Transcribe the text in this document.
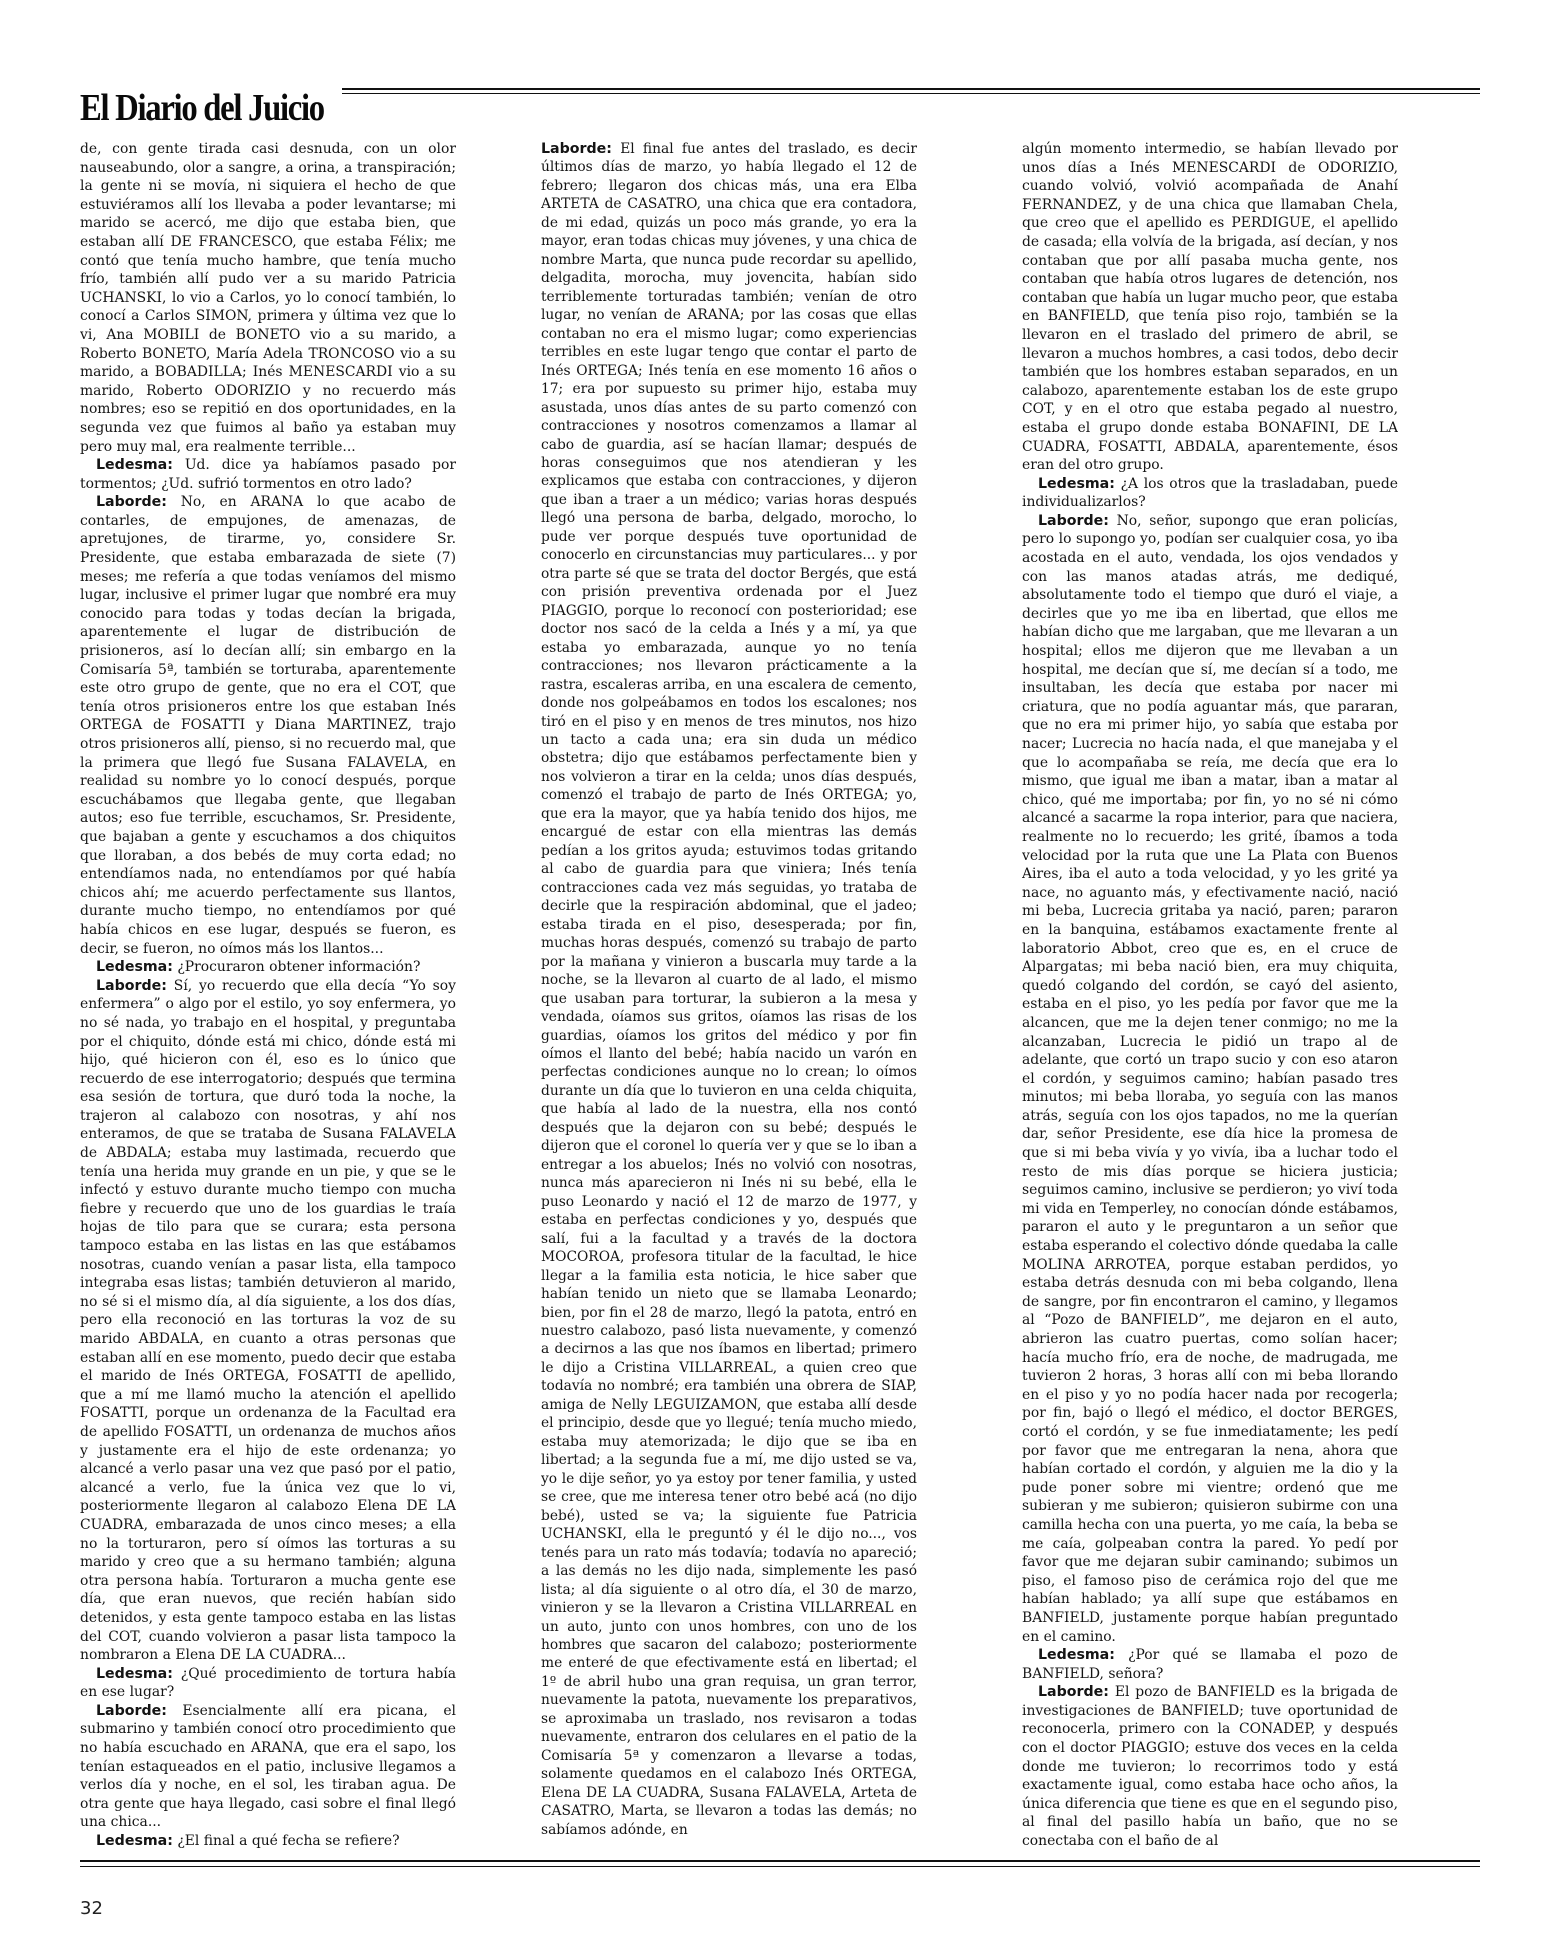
El Diario del Juicio

de, con gente tirada casi desnuda, con un olor nauseabundo, olor a sangre, a orina, a transpiración; la gente ni se movía, ni siquiera el hecho de que estuviéramos allí los llevaba a poder levantarse; mi marido se acercó, me dijo que estaba bien, que estaban allí DE FRANCESCO, que estaba Félix; me contó que tenía mucho hambre, que tenía mucho frío, también allí pudo ver a su marido Patricia UCHANSKI, lo vio a Carlos, yo lo conocí también, lo conocí a Carlos SIMON, primera y última vez que lo vi, Ana MOBILI de BONETO vio a su marido, a Roberto BONETO, María Adela TRONCOSO vio a su marido, a BOBADILLA; Inés MENESCARDI vio a su marido, Roberto ODORIZIO y no recuerdo más nombres; eso se repitió en dos oportunidades, en la segunda vez que fuimos al baño ya estaban muy pero muy mal, era realmente terrible...

Ledesma: Ud. dice ya habíamos pasado por tormentos; ¿Ud. sufrió tormentos en otro lado?

Laborde: No, en ARANA lo que acabo de contarles, de empujones, de amenazas, de apretujones, de tirarme, yo, considere Sr. Presidente, que estaba embarazada de siete (7) meses; me refería a que todas veníamos del mismo lugar, inclusive el primer lugar que nombré era muy conocido para todas y todas decían la brigada, aparentemente el lugar de distribución de prisioneros, así lo decían allí; sin embargo en la Comisaría 5ª, también se torturaba, aparentemente este otro grupo de gente, que no era el COT, que tenía otros prisioneros entre los que estaban Inés ORTEGA de FOSATTI y Diana MARTINEZ, trajo otros prisioneros allí, pienso, si no recuerdo mal, que la primera que llegó fue Susana FALAVELA, en realidad su nombre yo lo conocí después, porque escuchábamos que llegaba gente, que llegaban autos; eso fue terrible, escuchamos, Sr. Presidente, que bajaban a gente y escuchamos a dos chiquitos que lloraban, a dos bebés de muy corta edad; no entendíamos nada, no entendíamos por qué había chicos ahí; me acuerdo perfectamente sus llantos, durante mucho tiempo, no entendíamos por qué había chicos en ese lugar, después se fueron, es decir, se fueron, no oímos más los llantos...

Ledesma: ¿Procuraron obtener información?

Laborde: Sí, yo recuerdo que ella decía “Yo soy enfermera” o algo por el estilo, yo soy enfermera, yo no sé nada, yo trabajo en el hospital, y preguntaba por el chiquito, dónde está mi chico, dónde está mi hijo, qué hicieron con él, eso es lo único que recuerdo de ese interrogatorio; después que termina esa sesión de tortura, que duró toda la noche, la trajeron al calabozo con nosotras, y ahí nos enteramos, de que se trataba de Susana FALAVELA de ABDALA; estaba muy lastimada, recuerdo que tenía una herida muy grande en un pie, y que se le infectó y estuvo durante mucho tiempo con mucha fiebre y recuerdo que uno de los guardias le traía hojas de tilo para que se curara; esta persona tampoco estaba en las listas en las que estábamos nosotras, cuando venían a pasar lista, ella tampoco integraba esas listas; también detuvieron al marido, no sé si el mismo día, al día siguiente, a los dos días, pero ella reconoció en las torturas la voz de su marido ABDALA, en cuanto a otras personas que estaban allí en ese momento, puedo decir que estaba el marido de Inés ORTEGA, FOSATTI de apellido, que a mí me llamó mucho la atención el apellido FOSATTI, porque un ordenanza de la Facultad era de apellido FOSATTI, un ordenanza de muchos años y justamente era el hijo de este ordenanza; yo alcancé a verlo pasar una vez que pasó por el patio, alcancé a verlo, fue la única vez que lo vi, posteriormente llegaron al calabozo Elena DE LA CUADRA, embarazada de unos cinco meses; a ella no la torturaron, pero sí oímos las torturas a su marido y creo que a su hermano también; alguna otra persona había. Torturaron a mucha gente ese día, que eran nuevos, que recién habían sido detenidos, y esta gente tampoco estaba en las listas del COT, cuando volvieron a pasar lista tampoco la nombraron a Elena DE LA CUADRA...

Ledesma: ¿Qué procedimiento de tortura había en ese lugar?

Laborde: Esencialmente allí era picana, el submarino y también conocí otro procedimiento que no había escuchado en ARANA, que era el sapo, los tenían estaqueados en el patio, inclusive llegamos a verlos día y noche, en el sol, les tiraban agua. De otra gente que haya llegado, casi sobre el final llegó una chica...

Ledesma: ¿El final a qué fecha se refiere?

Laborde: El final fue antes del traslado, es decir últimos días de marzo, yo había llegado el 12 de febrero; llegaron dos chicas más, una era Elba ARTETA de CASATRO, una chica que era contadora, de mi edad, quizás un poco más grande, yo era la mayor, eran todas chicas muy jóvenes, y una chica de nombre Marta, que nunca pude recordar su apellido, delgadita, morocha, muy jovencita, habían sido terriblemente torturadas también; venían de otro lugar, no venían de ARANA; por las cosas que ellas contaban no era el mismo lugar; como experiencias terribles en este lugar tengo que contar el parto de Inés ORTEGA; Inés tenía en ese momento 16 años o 17; era por supuesto su primer hijo, estaba muy asustada, unos días antes de su parto comenzó con contracciones y nosotros comenzamos a llamar al cabo de guardia, así se hacían llamar; después de horas conseguimos que nos atendieran y les explicamos que estaba con contracciones, y dijeron que iban a traer a un médico; varias horas después llegó una persona de barba, delgado, morocho, lo pude ver porque después tuve oportunidad de conocerlo en circunstancias muy particulares... y por otra parte sé que se trata del doctor Bergés, que está con prisión preventiva ordenada por el Juez PIAGGIO, porque lo reconocí con posterioridad; ese doctor nos sacó de la celda a Inés y a mí, ya que estaba yo embarazada, aunque yo no tenía contracciones; nos llevaron prácticamente a la rastra, escaleras arriba, en una escalera de cemento, donde nos golpeábamos en todos los escalones; nos tiró en el piso y en menos de tres minutos, nos hizo un tacto a cada una; era sin duda un médico obstetra; dijo que estábamos perfectamente bien y nos volvieron a tirar en la celda; unos días después, comenzó el trabajo de parto de Inés ORTEGA; yo, que era la mayor, que ya había tenido dos hijos, me encargué de estar con ella mientras las demás pedían a los gritos ayuda; estuvimos todas gritando al cabo de guardia para que viniera; Inés tenía contracciones cada vez más seguidas, yo trataba de decirle que la respiración abdominal, que el jadeo; estaba tirada en el piso, desesperada; por fin, muchas horas después, comenzó su trabajo de parto por la mañana y vinieron a buscarla muy tarde a la noche, se la llevaron al cuarto de al lado, el mismo que usaban para torturar, la subieron a la mesa y vendada, oíamos sus gritos, oíamos las risas de los guardias, oíamos los gritos del médico y por fin oímos el llanto del bebé; había nacido un varón en perfectas condiciones aunque no lo crean; lo oímos durante un día que lo tuvieron en una celda chiquita, que había al lado de la nuestra, ella nos contó después que la dejaron con su bebé; después le dijeron que el coronel lo quería ver y que se lo iban a entregar a los abuelos; Inés no volvió con nosotras, nunca más aparecieron ni Inés ni su bebé, ella le puso Leonardo y nació el 12 de marzo de 1977, y estaba en perfectas condiciones y yo, después que salí, fui a la facultad y a través de la doctora MOCOROA, profesora titular de la facultad, le hice llegar a la familia esta noticia, le hice saber que habían tenido un nieto que se llamaba Leonardo; bien, por fin el 28 de marzo, llegó la patota, entró en nuestro calabozo, pasó lista nuevamente, y comenzó a decirnos a las que nos íbamos en libertad; primero le dijo a Cristina VILLARREAL, a quien creo que todavía no nombré; era también una obrera de SIAP, amiga de Nelly LEGUIZAMON, que estaba allí desde el principio, desde que yo llegué; tenía mucho miedo, estaba muy atemorizada; le dijo que se iba en libertad; a la segunda fue a mí, me dijo usted se va, yo le dije señor, yo ya estoy por tener familia, y usted se cree, que me interesa tener otro bebé acá (no dijo bebé), usted se va; la siguiente fue Patricia UCHANSKI, ella le preguntó y él le dijo no..., vos tenés para un rato más todavía; todavía no apareció; a las demás no les dijo nada, simplemente les pasó lista; al día siguiente o al otro día, el 30 de marzo, vinieron y se la llevaron a Cristina VILLARREAL en un auto, junto con unos hombres, con uno de los hombres que sacaron del calabozo; posteriormente me enteré de que efectivamente está en libertad; el 1º de abril hubo una gran requisa, un gran terror, nuevamente la patota, nuevamente los preparativos, se aproximaba un traslado, nos revisaron a todas nuevamente, entraron dos celulares en el patio de la Comisaría 5ª y comenzaron a llevarse a todas, solamente quedamos en el calabozo Inés ORTEGA, Elena DE LA CUADRA, Susana FALAVELA, Arteta de CASATRO, Marta, se llevaron a todas las demás; no sabíamos adónde, en

algún momento intermedio, se habían llevado por unos días a Inés MENESCARDI de ODORIZIO, cuando volvió, volvió acompañada de Anahí FERNANDEZ, y de una chica que llamaban Chela, que creo que el apellido es PERDIGUE, el apellido de casada; ella volvía de la brigada, así decían, y nos contaban que por allí pasaba mucha gente, nos contaban que había otros lugares de detención, nos contaban que había un lugar mucho peor, que estaba en BANFIELD, que tenía piso rojo, también se la llevaron en el traslado del primero de abril, se llevaron a muchos hombres, a casi todos, debo decir también que los hombres estaban separados, en un calabozo, aparentemente estaban los de este grupo COT, y en el otro que estaba pegado al nuestro, estaba el grupo donde estaba BONAFINI, DE LA CUADRA, FOSATTI, ABDALA, aparentemente, ésos eran del otro grupo.

Ledesma: ¿A los otros que la trasladaban, puede individualizarlos?

Laborde: No, señor, supongo que eran policías, pero lo supongo yo, podían ser cualquier cosa, yo iba acostada en el auto, vendada, los ojos vendados y con las manos atadas atrás, me dediqué, absolutamente todo el tiempo que duró el viaje, a decirles que yo me iba en libertad, que ellos me habían dicho que me largaban, que me llevaran a un hospital; ellos me dijeron que me llevaban a un hospital, me decían que sí, me decían sí a todo, me insultaban, les decía que estaba por nacer mi criatura, que no podía aguantar más, que pararan, que no era mi primer hijo, yo sabía que estaba por nacer; Lucrecia no hacía nada, el que manejaba y el que lo acompañaba se reía, me decía que era lo mismo, que igual me iban a matar, iban a matar al chico, qué me importaba; por fin, yo no sé ni cómo alcancé a sacarme la ropa interior, para que naciera, realmente no lo recuerdo; les grité, íbamos a toda velocidad por la ruta que une La Plata con Buenos Aires, iba el auto a toda velocidad, y yo les grité ya nace, no aguanto más, y efectivamente nació, nació mi beba, Lucrecia gritaba ya nació, paren; pararon en la banquina, estábamos exactamente frente al laboratorio Abbot, creo que es, en el cruce de Alpargatas; mi beba nació bien, era muy chiquita, quedó colgando del cordón, se cayó del asiento, estaba en el piso, yo les pedía por favor que me la alcancen, que me la dejen tener conmigo; no me la alcanzaban, Lucrecia le pidió un trapo al de adelante, que cortó un trapo sucio y con eso ataron el cordón, y seguimos camino; habían pasado tres minutos; mi beba lloraba, yo seguía con las manos atrás, seguía con los ojos tapados, no me la querían dar, señor Presidente, ese día hice la promesa de que si mi beba vivía y yo vivía, iba a luchar todo el resto de mis días porque se hiciera justicia; seguimos camino, inclusive se perdieron; yo viví toda mi vida en Temperley, no conocían dónde estábamos, pararon el auto y le preguntaron a un señor que estaba esperando el colectivo dónde quedaba la calle MOLINA ARROTEA, porque estaban perdidos, yo estaba detrás desnuda con mi beba colgando, llena de sangre, por fin encontraron el camino, y llegamos al “Pozo de BANFIELD”, me dejaron en el auto, abrieron las cuatro puertas, como solían hacer; hacía mucho frío, era de noche, de madrugada, me tuvieron 2 horas, 3 horas allí con mi beba llorando en el piso y yo no podía hacer nada por recogerla; por fin, bajó o llegó el médico, el doctor BERGES, cortó el cordón, y se fue inmediatamente; les pedí por favor que me entregaran la nena, ahora que habían cortado el cordón, y alguien me la dio y la pude poner sobre mi vientre; ordenó que me subieran y me subieron; quisieron subirme con una camilla hecha con una puerta, yo me caía, la beba se me caía, golpeaban contra la pared. Yo pedí por favor que me dejaran subir caminando; subimos un piso, el famoso piso de cerámica rojo del que me habían hablado; ya allí supe que estábamos en BANFIELD, justamente porque habían preguntado en el camino.

Ledesma: ¿Por qué se llamaba el pozo de BANFIELD, señora?

Laborde: El pozo de BANFIELD es la brigada de investigaciones de BANFIELD; tuve oportunidad de reconocerla, primero con la CONADEP, y después con el doctor PIAGGIO; estuve dos veces en la celda donde me tuvieron; lo recorrimos todo y está exactamente igual, como estaba hace ocho años, la única diferencia que tiene es que en el segundo piso, al final del pasillo había un baño, que no se conectaba con el baño de al

32
